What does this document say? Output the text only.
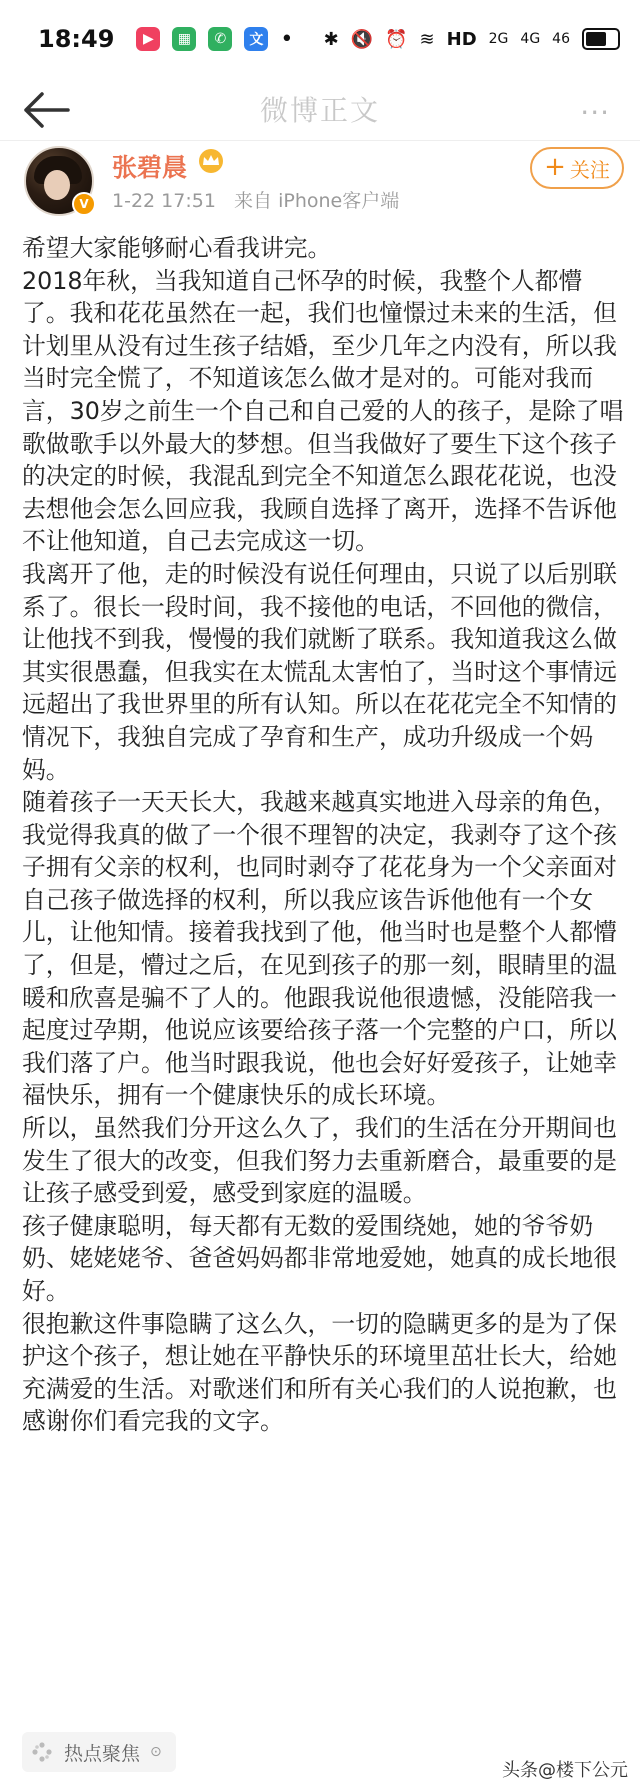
18:49	▶	▦	✆	文 • ✱ 🔇 ⏰ ≋ HD 2G 4G 46
微博正文	···
V
张碧晨
1-22 17:51 来自 iPhone客户端
+ 关注

希望大家能够耐心看我讲完。

2018年秋，当我知道自己怀孕的时候，我整个人都懵了。我和花花虽然在一起，我们也憧憬过未来的生活，但计划里从没有过生孩子结婚，至少几年之内没有，所以我当时完全慌了，不知道该怎么做才是对的。可能对我而言，30岁之前生一个自己和自己爱的人的孩子，是除了唱歌做歌手以外最大的梦想。但当我做好了要生下这个孩子的决定的时候，我混乱到完全不知道怎么跟花花说，也没去想他会怎么回应我，我顾自选择了离开，选择不告诉他不让他知道，自己去完成这一切。

我离开了他，走的时候没有说任何理由，只说了以后别联系了。很长一段时间，我不接他的电话，不回他的微信，让他找不到我，慢慢的我们就断了联系。我知道我这么做其实很愚蠢，但我实在太慌乱太害怕了，当时这个事情远远超出了我世界里的所有认知。所以在花花完全不知情的情况下，我独自完成了孕育和生产，成功升级成一个妈妈。

随着孩子一天天长大，我越来越真实地进入母亲的角色，我觉得我真的做了一个很不理智的决定，我剥夺了这个孩子拥有父亲的权利，也同时剥夺了花花身为一个父亲面对自己孩子做选择的权利，所以我应该告诉他他有一个女儿，让他知情。接着我找到了他，他当时也是整个人都懵了，但是，懵过之后，在见到孩子的那一刻，眼睛里的温暖和欣喜是骗不了人的。他跟我说他很遗憾，没能陪我一起度过孕期，他说应该要给孩子落一个完整的户口，所以我们落了户。他当时跟我说，他也会好好爱孩子，让她幸福快乐，拥有一个健康快乐的成长环境。

所以，虽然我们分开这么久了，我们的生活在分开期间也发生了很大的改变，但我们努力去重新磨合，最重要的是让孩子感受到爱，感受到家庭的温暖。

孩子健康聪明，每天都有无数的爱围绕她，她的爷爷奶奶、姥姥姥爷、爸爸妈妈都非常地爱她，她真的成长地很好。

很抱歉这件事隐瞒了这么久，一切的隐瞒更多的是为了保护这个孩子，想让她在平静快乐的环境里茁壮长大，给她充满爱的生活。对歌迷们和所有关心我们的人说抱歉，也感谢你们看完我的文字。

热点聚焦 ⊙
头条@楼下公元
